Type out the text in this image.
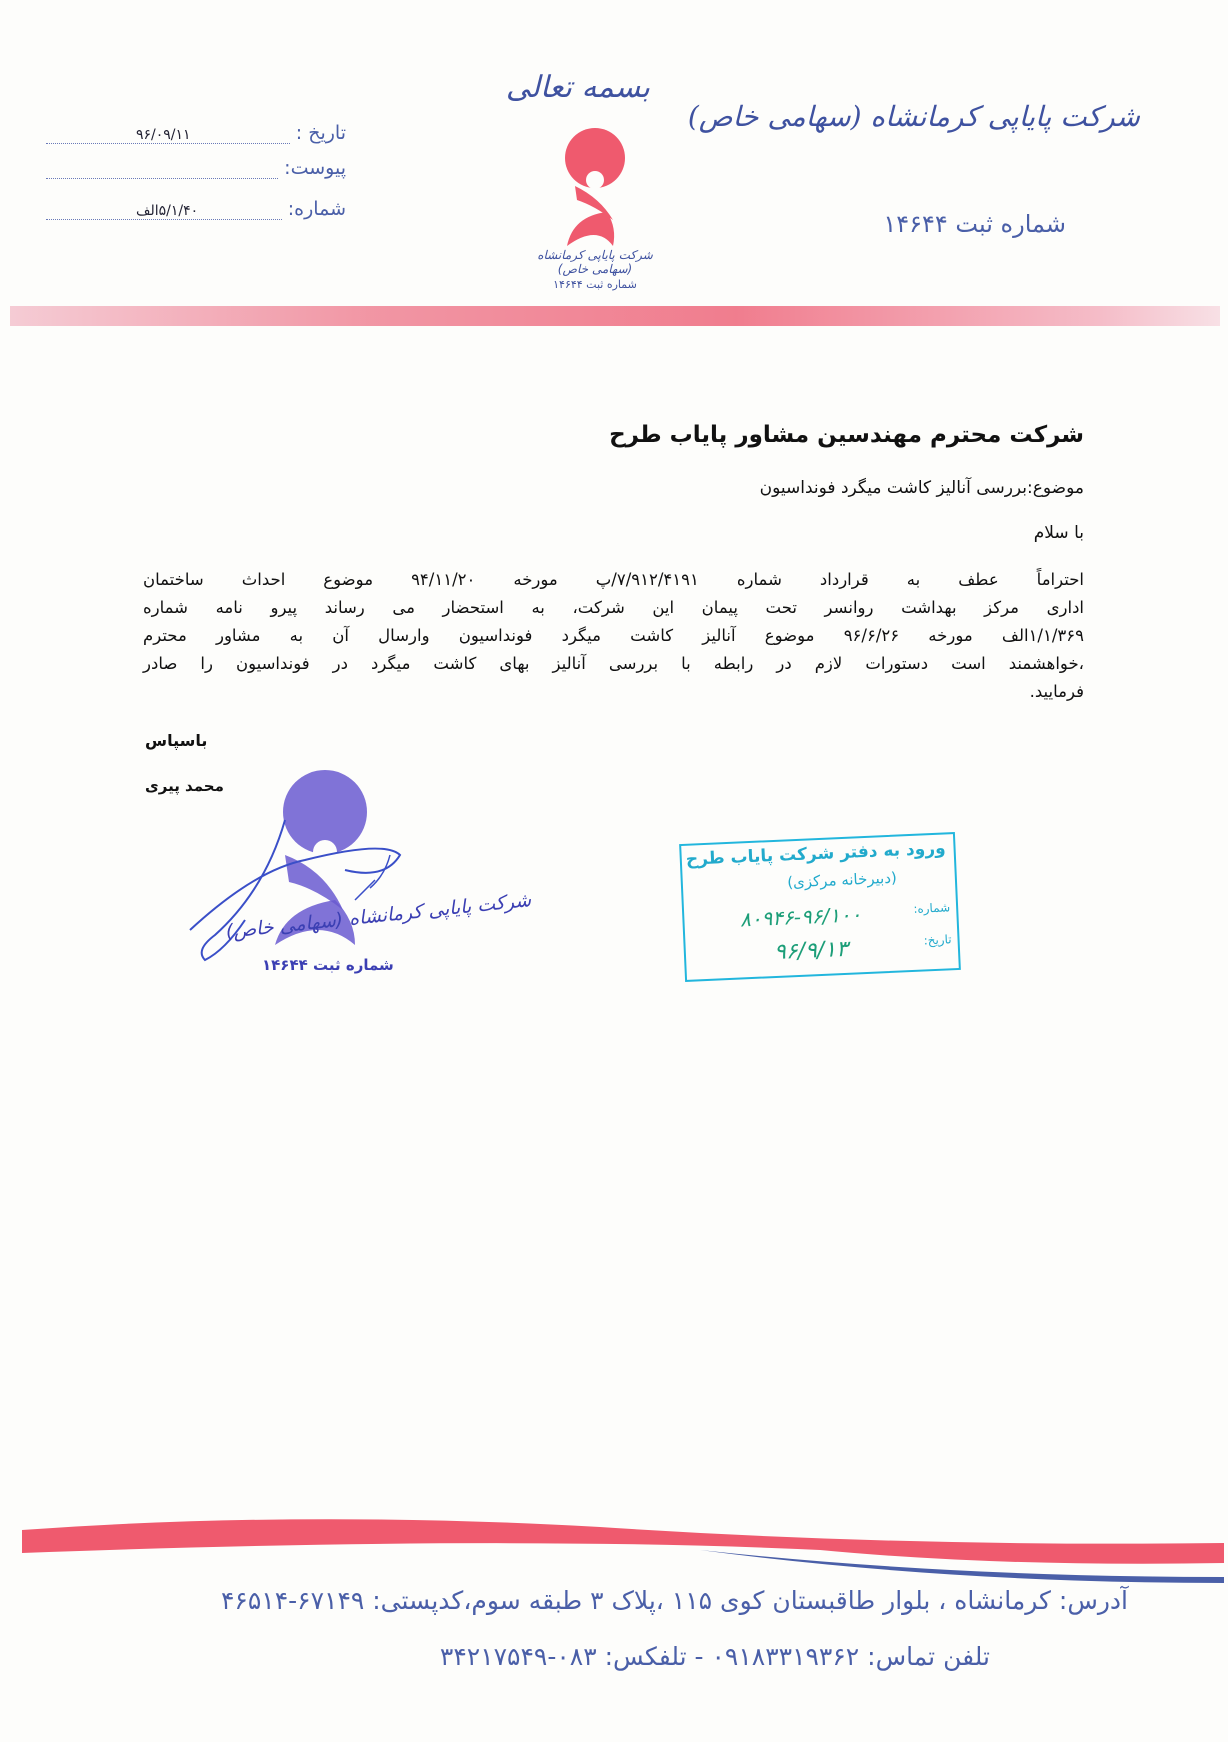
شرکت پایاپی کرمانشاه (سهامی خاص)
شماره ثبت ۱۴۶۴۴
بسمه تعالی
شرکت پایاپی کرمانشاه (سهامی خاص)
شماره ثبت ۱۴۶۴۴
تاریخ :
۹۶/۰۹/۱۱
پیوست:

شماره:
۵/۱/۴۰الف
شرکت محترم مهندسین مشاور پایاب طرح
موضوع:بررسی آنالیز کاشت میگرد فونداسیون
با سلام
احتراماً عطف به قرارداد شماره ۷/۹۱۲/۴۱۹۱/پ مورخه ۹۴/۱۱/۲۰ موضوع احداث ساختمان
اداری مرکز بهداشت روانسر تحت پیمان این شرکت، به استحضار می رساند پیرو نامه شماره
۱/۱/۳۶۹الف مورخه ۹۶/۶/۲۶ موضوع آنالیز کاشت میگرد فونداسیون وارسال آن به مشاور محترم
،خواهشمند است دستورات لازم در رابطه با بررسی آنالیز بهای کاشت میگرد در فونداسیون را صادر
فرمایید.
باسپاس
محمد پیری
شرکت پایاپی کرمانشاه (سهامی خاص)
شماره ثبت ۱۴۶۴۴
ورود به دفتر شرکت پایاب طرح
(دبیرخانه مرکزی)
شماره:
۸۰۹۴۶-۹۶/۱۰۰
تاریخ:
۹۶/۹/۱۳
آدرس: کرمانشاه ، بلوار طاقبستان کوی ۱۱۵ ،پلاک ۳ طبقه سوم،کدپستی: ۶۷۱۴۹-۴۶۵۱۴
تلفن تماس: ۰۹۱۸۳۳۱۹۳۶۲ - تلفکس: ۰۸۳-۳۴۲۱۷۵۴۹
